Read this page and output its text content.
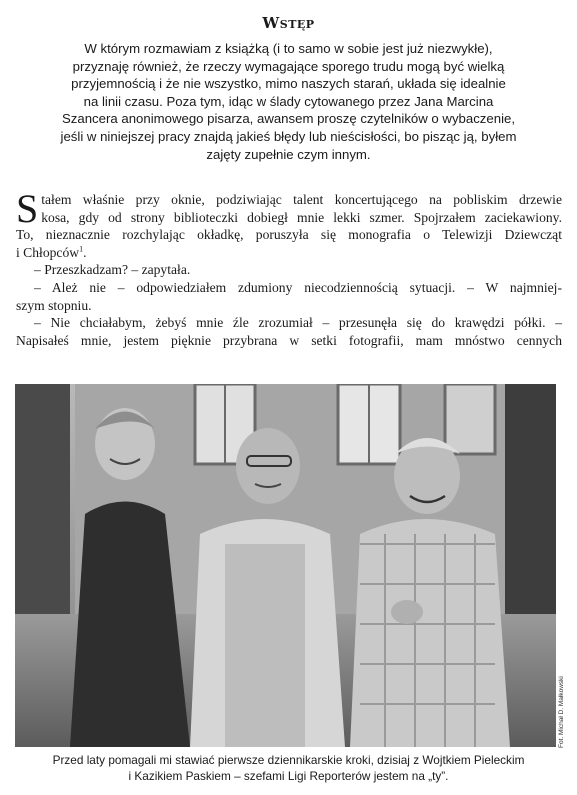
Wstęp
W którym rozmawiam z książką (i to samo w sobie jest już niezwykłe),
przyznaję również, że rzeczy wymagające sporego trudu mogą być wielką
przyjemnością i że nie wszystko, mimo naszych starań, układa się idealnie
na linii czasu. Poza tym, idąc w ślady cytowanego przez Jana Marcina
Szancera anonimowego pisarza, awansem proszę czytelników o wybaczenie,
jeśli w niniejszej pracy znajdą jakieś błędy lub nieścisłości, bo pisząc ją, byłem
zajęty zupełnie czym innym.
S tałem właśnie przy oknie, podziwiając talent koncertującego na pobliskim drzewie
kosa, gdy od strony biblioteczki dobiegł mnie lekki szmer. Spojrzałem zaciekawiony.
To, nieznacznie rozchylając okładkę, poruszyła się monografia o Telewizji Dziewcząt
i Chłopców$^1$.
– Przeszkadzam? – zapytała.
– Ależ nie – odpowiedziałem zdumiony niecodziennością sytuacji. – W najmniej-
szym stopniu.
– Nie chciałabym, żebyś mnie źle zrozumiał – przesunęła się do krawędzi półki. –
Napisałeś mnie, jestem pięknie przybrana w setki fotografii, mam mnóstwo cennych
Fot. Michał D. Małkowski
Przed laty pomagali mi stawiać pierwsze dziennikarskie kroki, dzisiaj z Wojtkiem Pieleckim
i Kazikiem Paskiem – szefami Ligi Reporterów jestem na „ty”.
